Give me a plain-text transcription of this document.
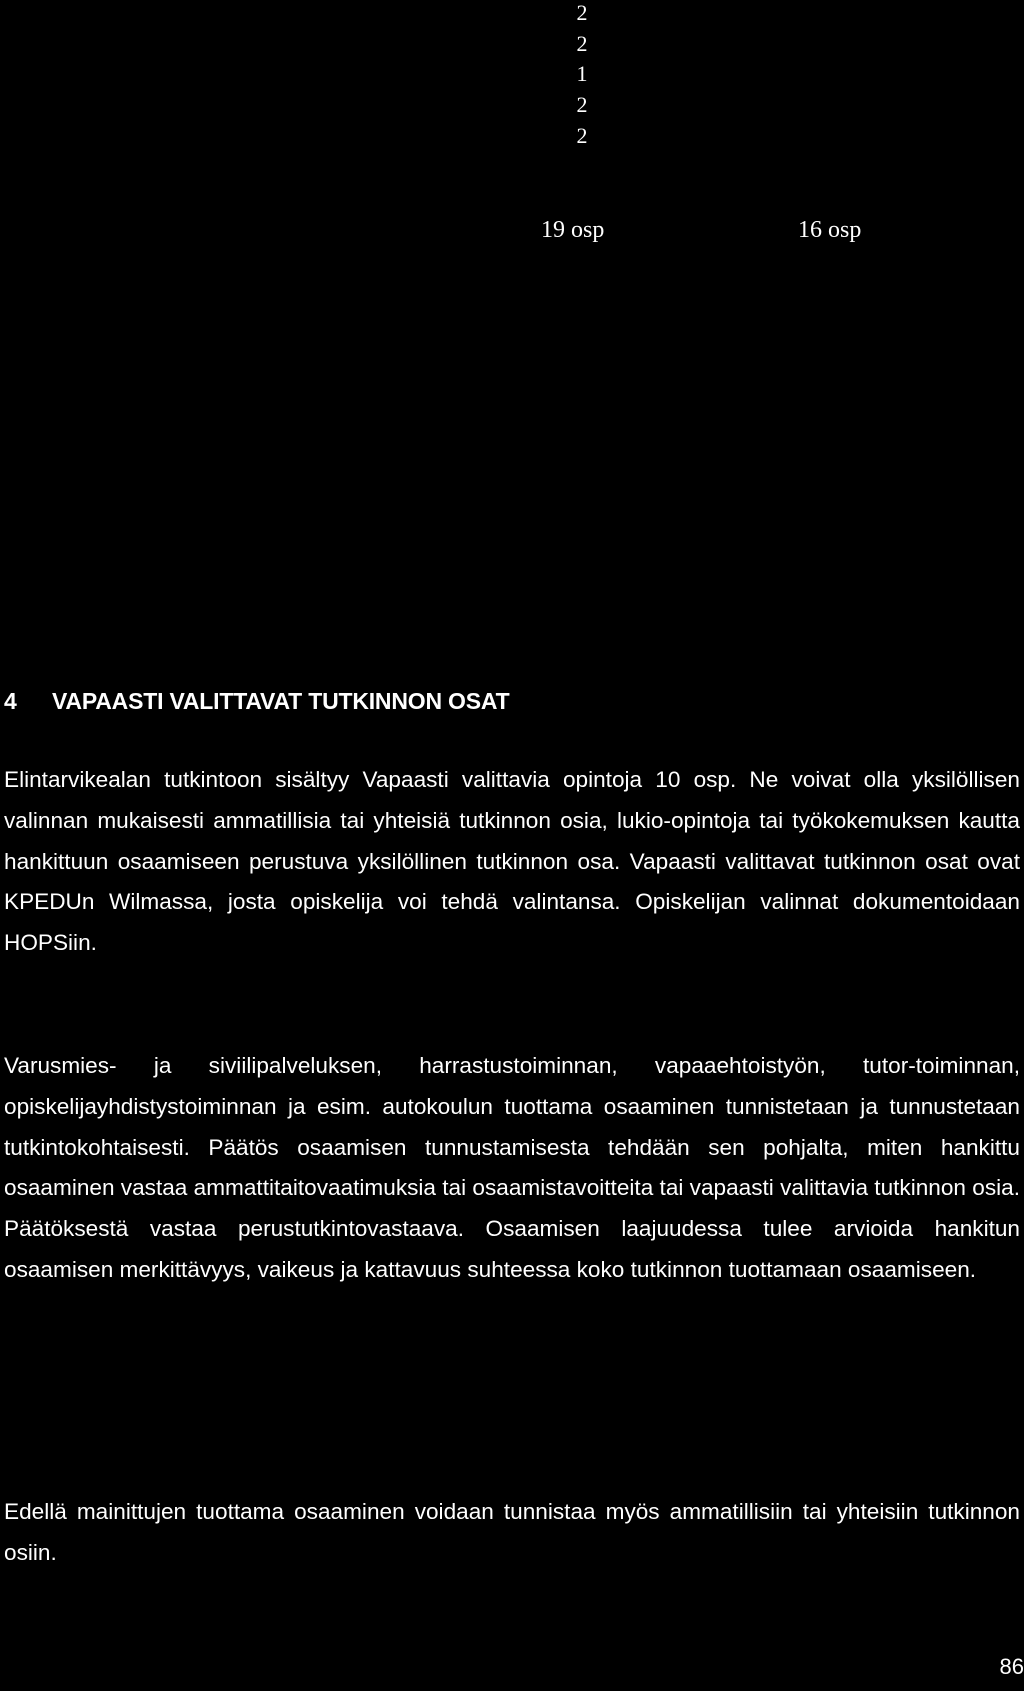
2
2
1
2
2
19 osp	16 osp
4 VAPAASTI VALITTAVAT TUTKINNON OSAT

Elintarvikealan tutkintoon sisältyy Vapaasti valittavia opintoja 10 osp. Ne voivat olla yksilöllisen valinnan mukaisesti ammatillisia tai yhteisiä tutkinnon osia, lukio-opintoja tai työkokemuksen kautta hankittuun osaamiseen perustuva yksilöllinen tutkinnon osa. Vapaasti valittavat tutkinnon osat ovat KPEDUn Wilmassa, josta opiskelija voi tehdä valintansa. Opiskelijan valinnat dokumentoidaan HOPSiin.

Varusmies- ja siviilipalveluksen, harrastustoiminnan, vapaaehtoistyön, tutor-toiminnan, opiskelijayhdistystoiminnan ja esim. autokoulun tuottama osaaminen tunnistetaan ja tunnustetaan tutkintokohtaisesti. Päätös osaamisen tunnustamisesta tehdään sen pohjalta, miten hankittu osaaminen vastaa ammattitaitovaatimuksia tai osaamistavoitteita tai vapaasti valittavia tutkinnon osia. Päätöksestä vastaa perustutkintovastaava. Osaamisen laajuudessa tulee arvioida hankitun osaamisen merkittävyys, vaikeus ja kattavuus suhteessa koko tutkinnon tuottamaan osaamiseen.

Edellä mainittujen tuottama osaaminen voidaan tunnistaa myös ammatillisiin tai yhteisiin tutkinnon osiin.

86
